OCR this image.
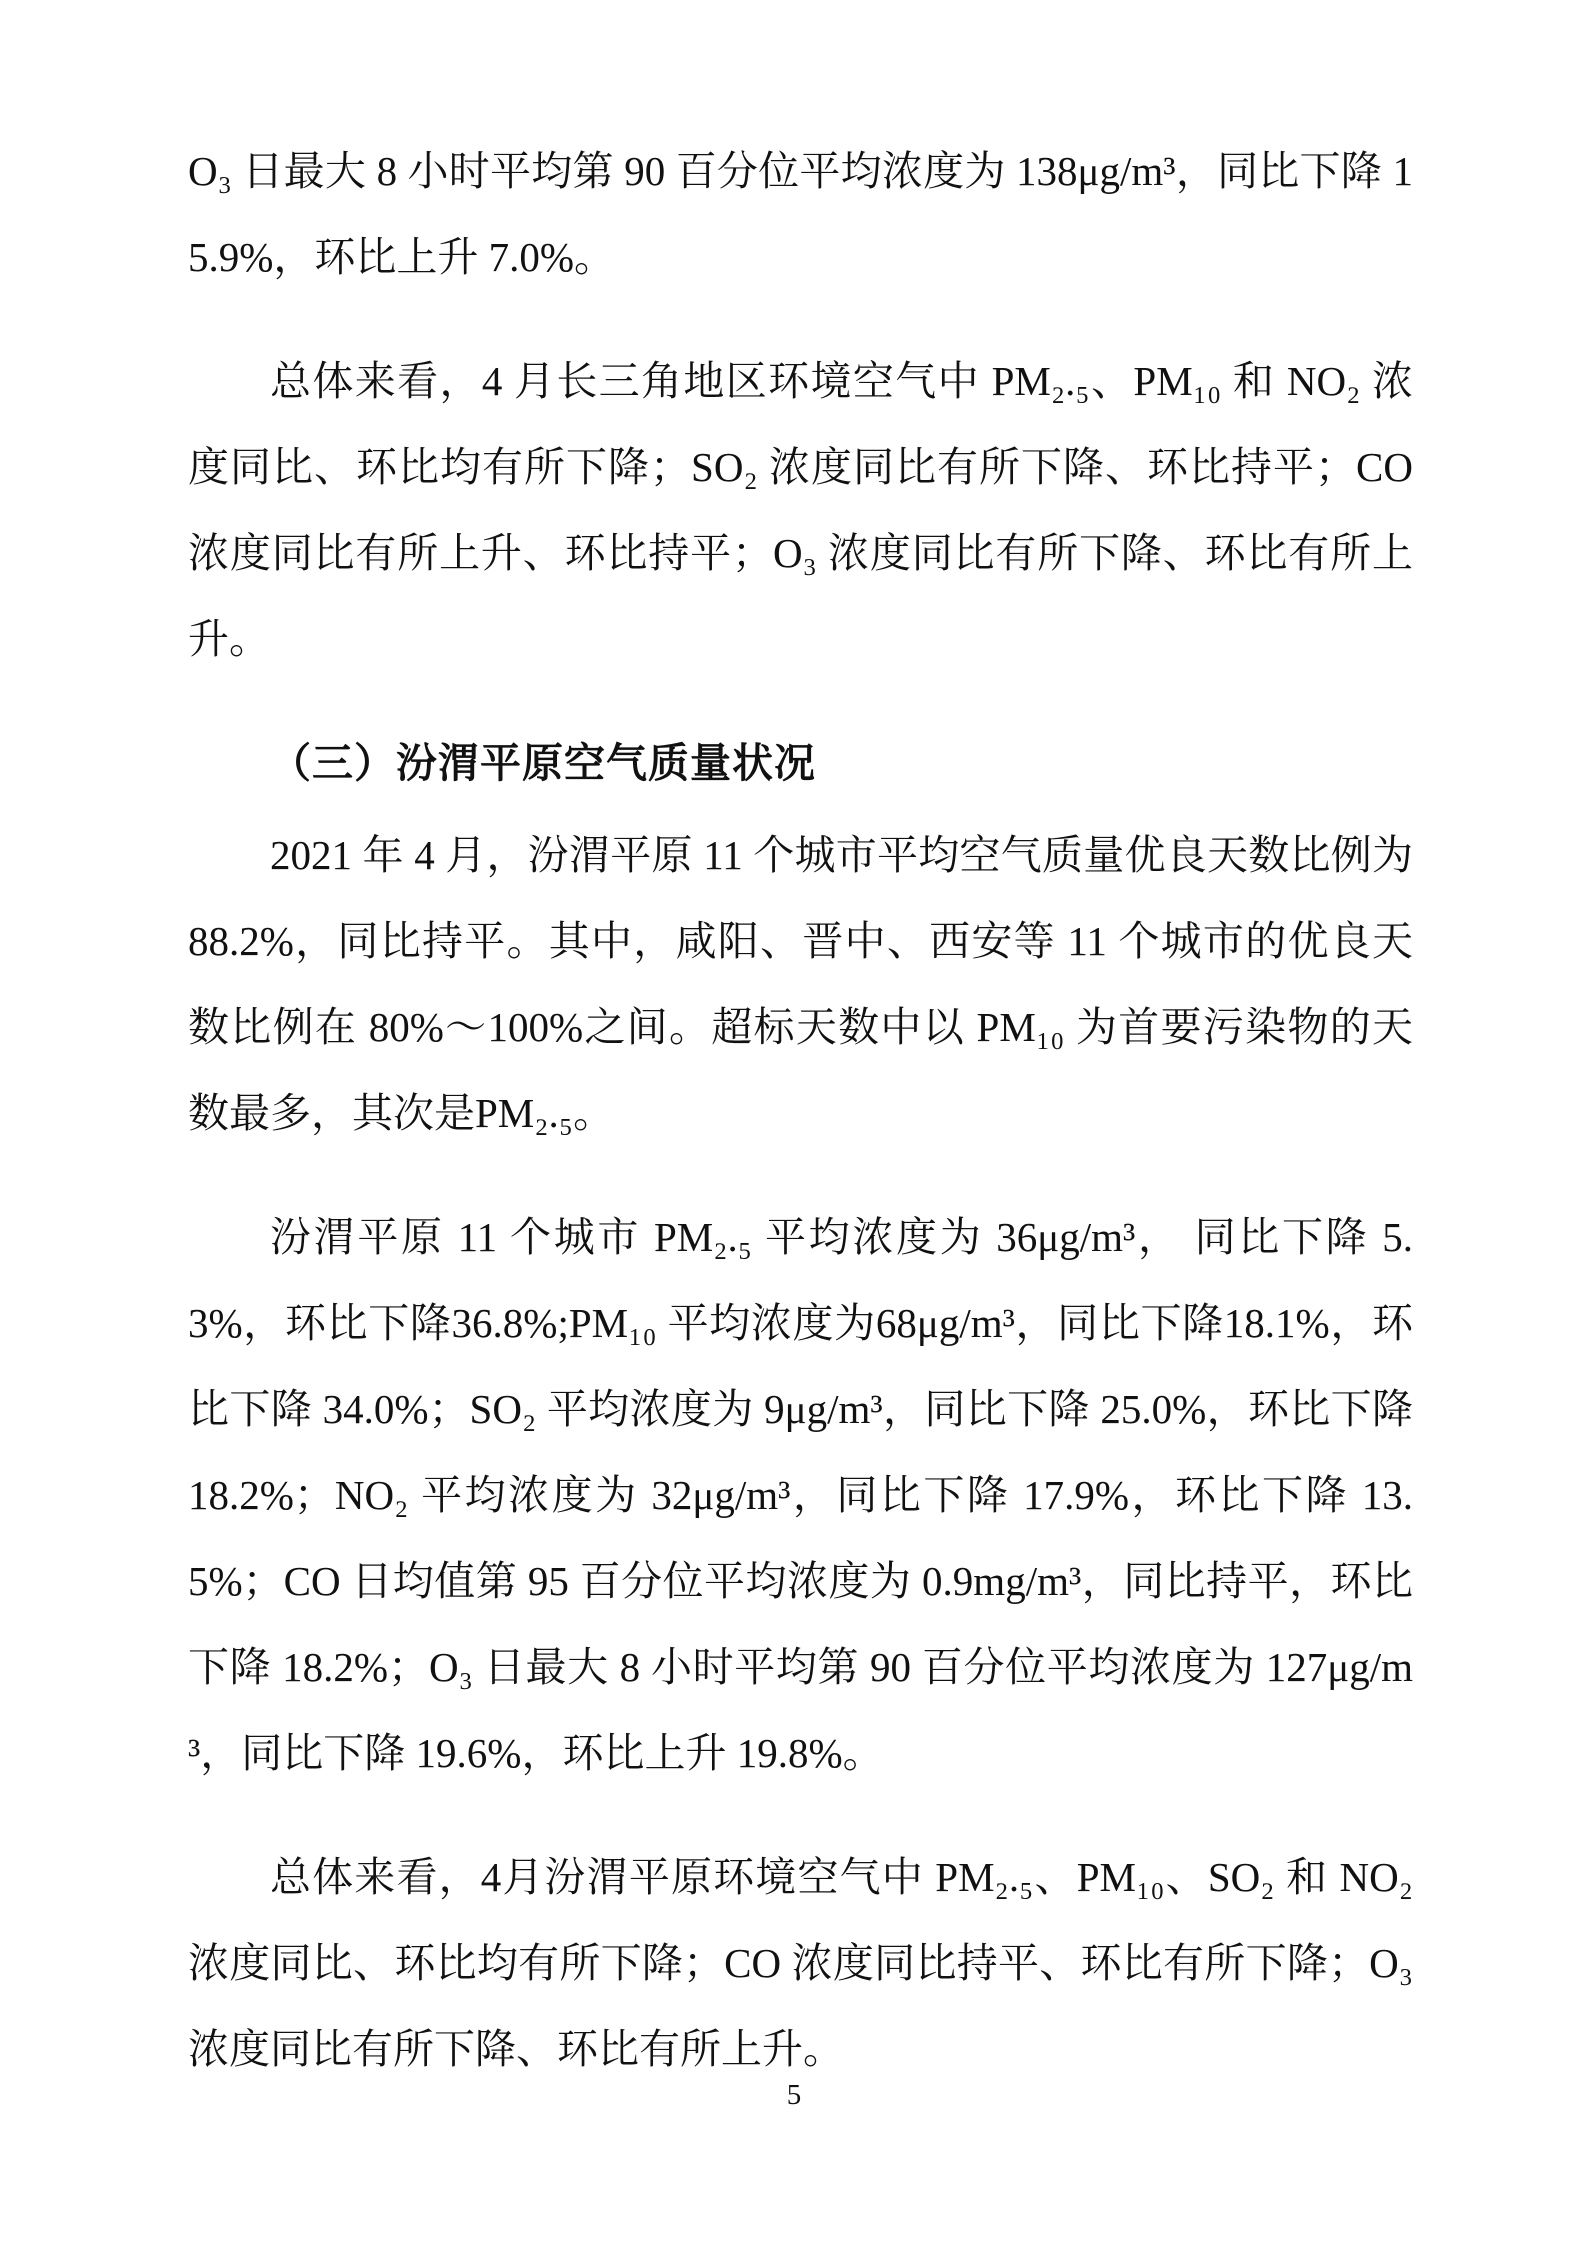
O₃ 日最大 8 小时平均第 90 百分位平均浓度为 138μg/m³，同比下降 15.9%，环比上升 7.0%。

总体来看，4 月长三角地区环境空气中 PM₂.₅、PM₁₀ 和 NO₂ 浓度同比、环比均有所下降；SO₂ 浓度同比有所下降、环比持平；CO 浓度同比有所上升、环比持平；O₃ 浓度同比有所下降、环比有所上升。

（三）汾渭平原空气质量状况

2021 年 4 月，汾渭平原 11 个城市平均空气质量优良天数比例为 88.2%，同比持平。其中，咸阳、晋中、西安等 11 个城市的优良天数比例在 80%～100%之间。超标天数中以 PM₁₀ 为首要污染物的天数最多，其次是PM₂.₅。

汾渭平原 11 个城市 PM₂.₅ 平均浓度为 36μg/m³， 同比下降 5.3%，环比下降36.8%;PM₁₀ 平均浓度为68μg/m³，同比下降18.1%，环比下降 34.0%；SO₂ 平均浓度为 9μg/m³，同比下降 25.0%，环比下降 18.2%；NO₂ 平均浓度为 32μg/m³，同比下降 17.9%，环比下降 13.5%；CO 日均值第 95 百分位平均浓度为 0.9mg/m³，同比持平，环比下降 18.2%；O₃ 日最大 8 小时平均第 90 百分位平均浓度为 127μg/m³，同比下降 19.6%，环比上升 19.8%。

总体来看，4月汾渭平原环境空气中 PM₂.₅、PM₁₀、SO₂ 和 NO₂ 浓度同比、环比均有所下降；CO 浓度同比持平、环比有所下降；O₃ 浓度同比有所下降、环比有所上升。

5
